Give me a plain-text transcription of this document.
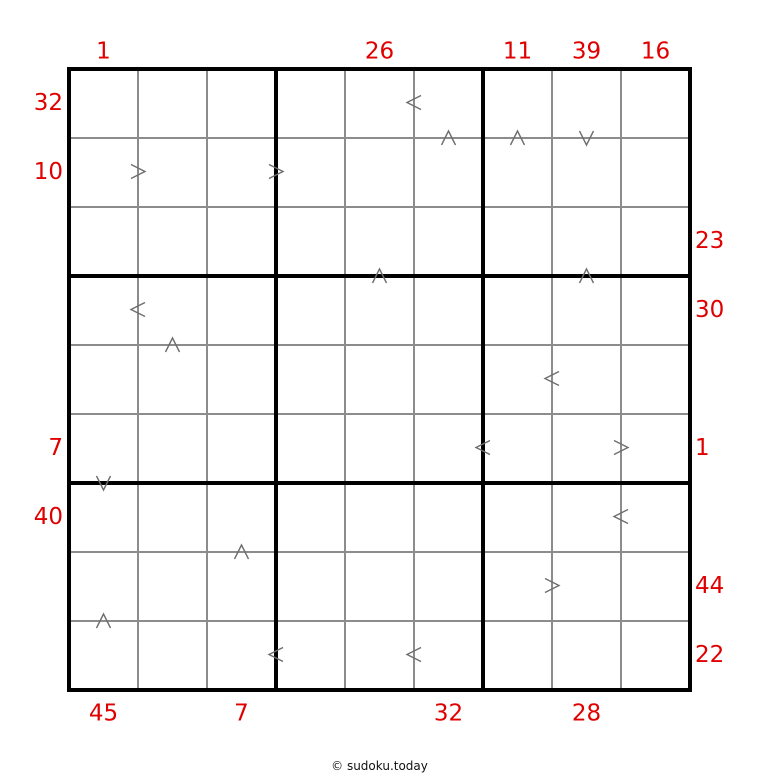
1	26	11 39 16
45	7	32	28
32
10
7
40
23
30
1
44
22
© sudoku.today
